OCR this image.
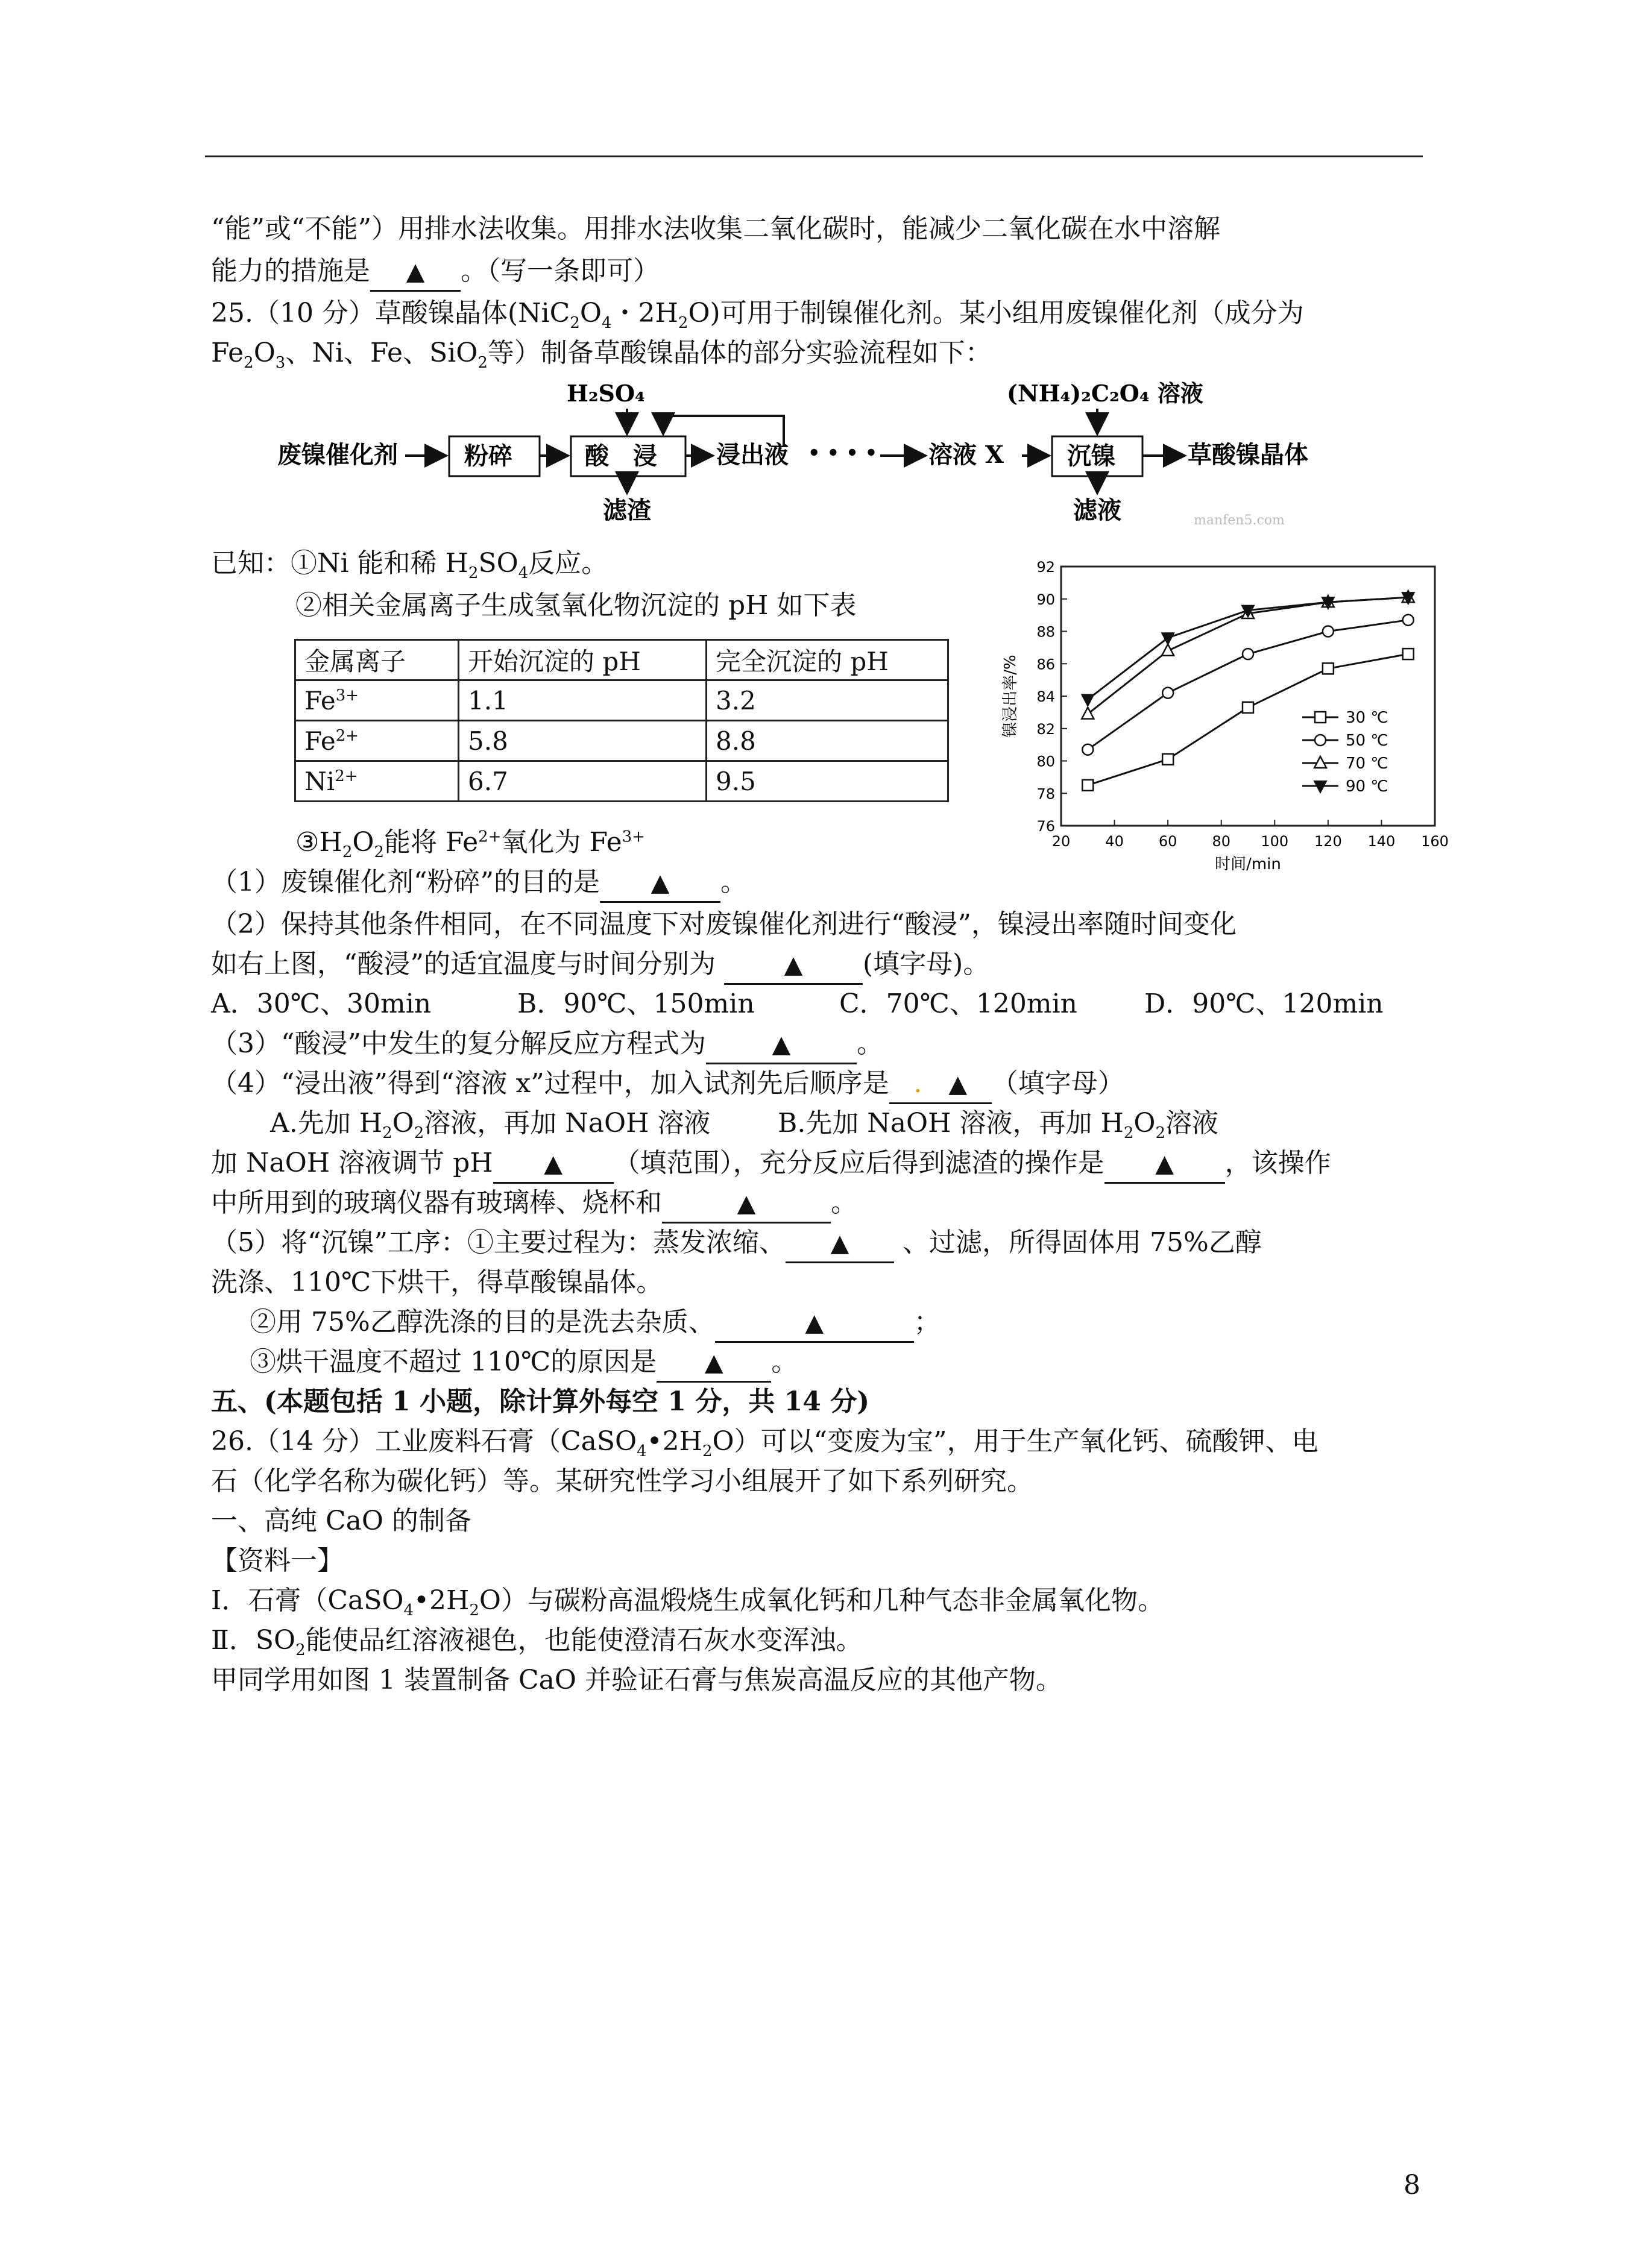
“能”或“不能”）用排水法收集。用排水法收集二氧化碳时，能减少二氧化碳在水中溶解
能力的措施是 ▲ 。（写一条即可）
25.（10 分）草酸镍晶体($NiC_2O_4$・$2H_2O$)可用于制镍催化剂。某小组用废镍催化剂（成分为
$Fe_2O_3$、Ni、Fe、SiO$_2$等）制备草酸镍晶体的部分实验流程如下：
H₂SO₄	(NH₄)₂C₂O₄ 溶液
废镍催化剂	粉碎	酸　浸 浸出液 • • • • 溶液 X	沉镍	草酸镍晶体
滤渣	滤液	manfen5.com
已知：①Ni 能和稀 $H_2SO_4$反应。
②相关金属离子生成氢氧化物沉淀的 pH 如下表
金属离子	开始沉淀的 pH	完全沉淀的 pH
$Fe^{3+}$	1.1	3.2
$Fe^{2+}$	5.8	8.8
$Ni^{2+}$	6.7	9.5
$③H_2O_2$能将 $Fe^{2+}$氧化为 $Fe^{3+}$	20 40 60 80 100 120 140 160
76
78
80
82
84
86
88
90
92
时间/min
镍浸出率/%	30 ℃
50 ℃
70 ℃
90 ℃
（1）废镍催化剂“粉碎”的目的是 ▲ 。
（2）保持其他条件相同，在不同温度下对废镍催化剂进行“酸浸”，镍浸出率随时间变化
如右上图，“酸浸”的适宜温度与时间分别为 ▲ (填字母)。
A．30℃、30min	B．90℃、150min	C．70℃、120min	D．90℃、120min
（3）“酸浸”中发生的复分解反应方程式为	▲ 。
（4）“浸出液”得到“溶液 x”过程中，加入试剂先后顺序是 .　 ▲ （填字母）
A.先加 $H_2O_2$溶液，再加 NaOH 溶液	B.先加 NaOH 溶液，再加 $H_2O_2$溶液
加 NaOH 溶液调节 pH ▲ （填范围），充分反应后得到滤渣的操作是 ▲ ，该操作
中所用到的玻璃仪器有玻璃棒、烧杯和	▲	。
（5）将“沉镍”工序：①主要过程为：蒸发浓缩、 ▲ 、过滤，所得固体用 75%乙醇
洗涤、110℃下烘干，得草酸镍晶体。
②用 75%乙醇洗涤的目的是洗去杂质、	▲	；
③烘干温度不超过 110℃的原因是 ▲ 。
五、(本题包括 1 小题，除计算外每空 1 分，共 14 分)
26.（14 分）工业废料石膏$(CaSO_4•2H_2O)$可以“变废为宝”，用于生产氧化钙、硫酸钾、电
石（化学名称为碳化钙）等。某研究性学习小组展开了如下系列研究。
一、高纯 CaO 的制备
【资料一】
Ⅰ．石膏$(CaSO_4•2H_2O)$与碳粉高温煅烧生成氧化钙和几种气态非金属氧化物。
Ⅱ．$SO_2$能使品红溶液褪色，也能使澄清石灰水变浑浊。
甲同学用如图 1 装置制备 CaO 并验证石膏与焦炭高温反应的其他产物。
8
